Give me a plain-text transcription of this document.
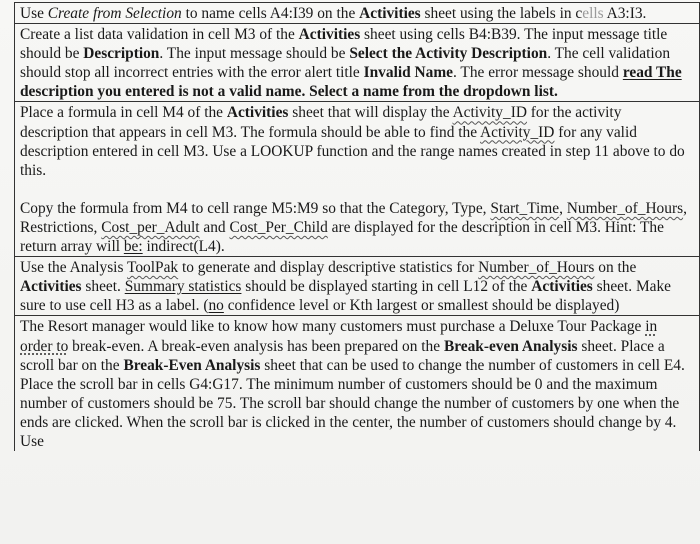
Use Create from Selection to name cells A4:I39 on the Activities sheet using the labels in cells A3:I3.
Create a list data validation in cell M3 of the Activities sheet using cells B4:B39. The input message title should be Description. The input message should be Select the Activity Description. The cell validation should stop all incorrect entries with the error alert title Invalid Name. The error message should read The description you entered is not a valid name. Select a name from the dropdown list.
Place a formula in cell M4 of the Activities sheet that will display the Activity_ID for the activity description that appears in cell M3. The formula should be able to find the Activity_ID for any valid description entered in cell M3. Use a LOOKUP function and the range names created in step 11 above to do this.
Copy the formula from M4 to cell range M5:M9 so that the Category, Type, Start_Time, Number_of_Hours, Restrictions, Cost_per_Adult and Cost_Per_Child are displayed for the description in cell M3. Hint: The return array will be: indirect(L4).
Use the Analysis ToolPak to generate and display descriptive statistics for Number_of_Hours on the Activities sheet. Summary statistics should be displayed starting in cell L12 of the Activities sheet. Make sure to use cell H3 as a label. (no confidence level or Kth largest or smallest should be displayed)
The Resort manager would like to know how many customers must purchase a Deluxe Tour Package in order to break-even. A break-even analysis has been prepared on the Break-even Analysis sheet. Place a scroll bar on the Break-Even Analysis sheet that can be used to change the number of customers in cell E4. Place the scroll bar in cells G4:G17. The minimum number of customers should be 0 and the maximum number of customers should be 75. The scroll bar should change the number of customers by one when the ends are clicked. When the scroll bar is clicked in the center, the number of customers should change by 4. Use
